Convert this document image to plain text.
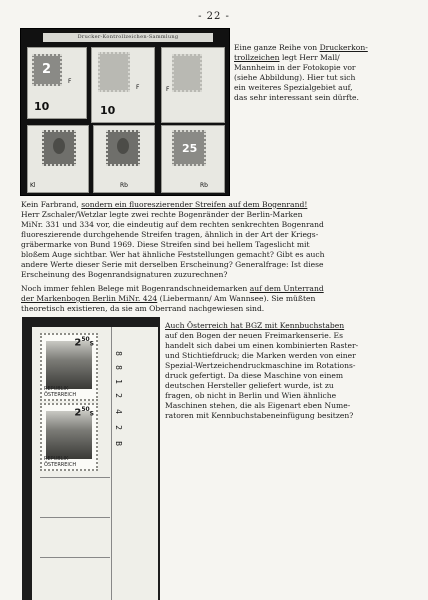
- 22 -
Drucker-Kontrollzeichen-Sammlung
2
F
10
F
10
F
Kl	Rb
25
Rb
Eine ganze Reihe von Druckerkon-
trollzeichen legt Herr Mall/
Mannheim in der Fotokopie vor
(siehe Abbildung). Hier tut sich
ein weiteres Spezialgebiet auf,
das sehr interessant sein dürfte.
Kein Farbrand, sondern ein fluoreszierender Streifen auf dem Bogenrand!
Herr Zschaler/Wetzlar legte zwei rechte Bogenränder der Berlin-Marken
MiNr. 331 und 334 vor, die eindeutig auf dem rechten senkrechten Bogenrand
fluoreszierende durchgehende Streifen tragen, ähnlich in der Art der Kriegs-
gräbermarke von Bund 1969. Diese Streifen sind bei hellem Tageslicht mit
bloßem Auge sichtbar. Wer hat ähnliche Feststellungen gemacht? Gibt es auch
andere Werte dieser Serie mit derselben Erscheinung? Generalfrage: Ist diese
Erscheinung des Bogenrandsignaturen zuzurechnen?
Noch immer fehlen Belege mit Bogenrandschneidemarken auf dem Unterrand
der Markenbogen Berlin MiNr. 424 (Liebermann/ Am Wannsee). Sie müßten
theoretisch existieren, da sie am Oberrand nachgewiesen sind.
$2^{50}S$
REPUBLIK ÖSTERREICH
$2^{50}S$
REPUBLIK ÖSTERREICH
8
8
1
2
4
2
B
Auch Österreich hat BGZ mit Kennbuchstaben
auf den Bogen der neuen Freimarkenserie. Es
handelt sich dabei um einen kombinierten Raster-
und Stichtiefdruck; die Marken werden von einer
Spezial-Wertzeichendruckmaschine im Rotations-
druck gefertigt. Da diese Maschine von einem
deutschen Hersteller geliefert wurde, ist zu
fragen, ob nicht in Berlin und Wien ähnliche
Maschinen stehen, die als Eigenart eben Nume-
ratoren mit Kennbuchstabeneinfügung besitzen?
